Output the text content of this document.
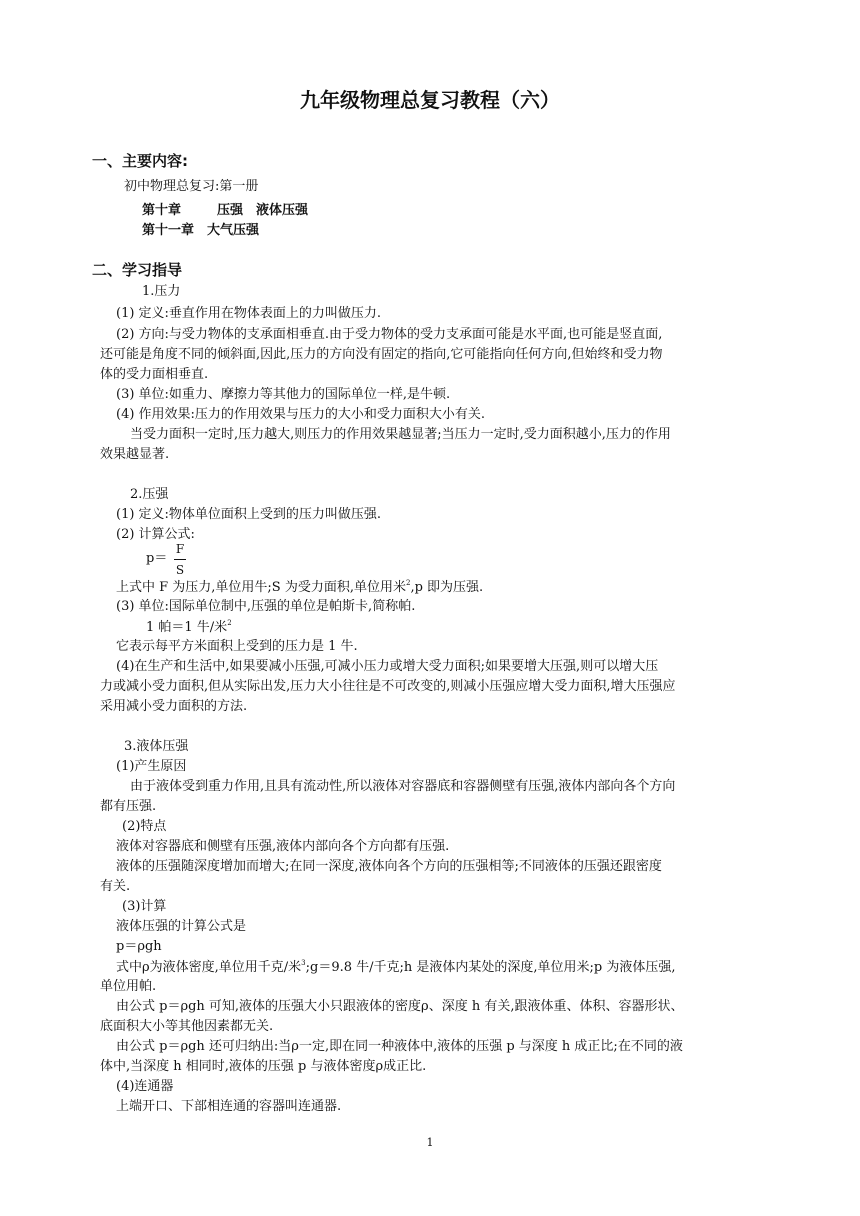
九年级物理总复习教程（六）
一、主要内容:
初中物理总复习:第一册
第十章	压强　液体压强
第十一章　大气压强
二、学习指导
1.压力
(1) 定义:垂直作用在物体表面上的力叫做压力.
(2) 方向:与受力物体的支承面相垂直.由于受力物体的受力支承面可能是水平面,也可能是竖直面,
还可能是角度不同的倾斜面,因此,压力的方向没有固定的指向,它可能指向任何方向,但始终和受力物
体的受力面相垂直.
(3) 单位:如重力、摩擦力等其他力的国际单位一样,是牛顿.
(4) 作用效果:压力的作用效果与压力的大小和受力面积大小有关.
当受力面积一定时,压力越大,则压力的作用效果越显著;当压力一定时,受力面积越小,压力的作用
效果越显著.
2.压强
(1) 定义:物体单位面积上受到的压力叫做压强.
(2) 计算公式:
p＝
F
S
上式中 F 为压力,单位用牛;S 为受力面积,单位用米$^2$,p 即为压强.
(3) 单位:国际单位制中,压强的单位是帕斯卡,简称帕.
1 帕＝1 牛/米$^2$
它表示每平方米面积上受到的压力是 1 牛.
(4)在生产和生活中,如果要减小压强,可减小压力或增大受力面积;如果要增大压强,则可以增大压
力或减小受力面积,但从实际出发,压力大小往往是不可改变的,则减小压强应增大受力面积,增大压强应
采用减小受力面积的方法.
3.液体压强
(1)产生原因
由于液体受到重力作用,且具有流动性,所以液体对容器底和容器侧壁有压强,液体内部向各个方向
都有压强.
(2)特点
液体对容器底和侧壁有压强,液体内部向各个方向都有压强.
液体的压强随深度增加而增大;在同一深度,液体向各个方向的压强相等;不同液体的压强还跟密度
有关.
(3)计算
液体压强的计算公式是
p＝ρgh
式中ρ为液体密度,单位用千克/米$^3$;g＝9.8 牛/千克;h 是液体内某处的深度,单位用米;p 为液体压强,
单位用帕.
由公式 p＝ρgh 可知,液体的压强大小只跟液体的密度ρ、深度 h 有关,跟液体重、体积、容器形状、
底面积大小等其他因素都无关.
由公式 p＝ρgh 还可归纳出:当ρ一定,即在同一种液体中,液体的压强 p 与深度 h 成正比;在不同的液
体中,当深度 h 相同时,液体的压强 p 与液体密度ρ成正比.
(4)连通器
上端开口、下部相连通的容器叫连通器.
1
